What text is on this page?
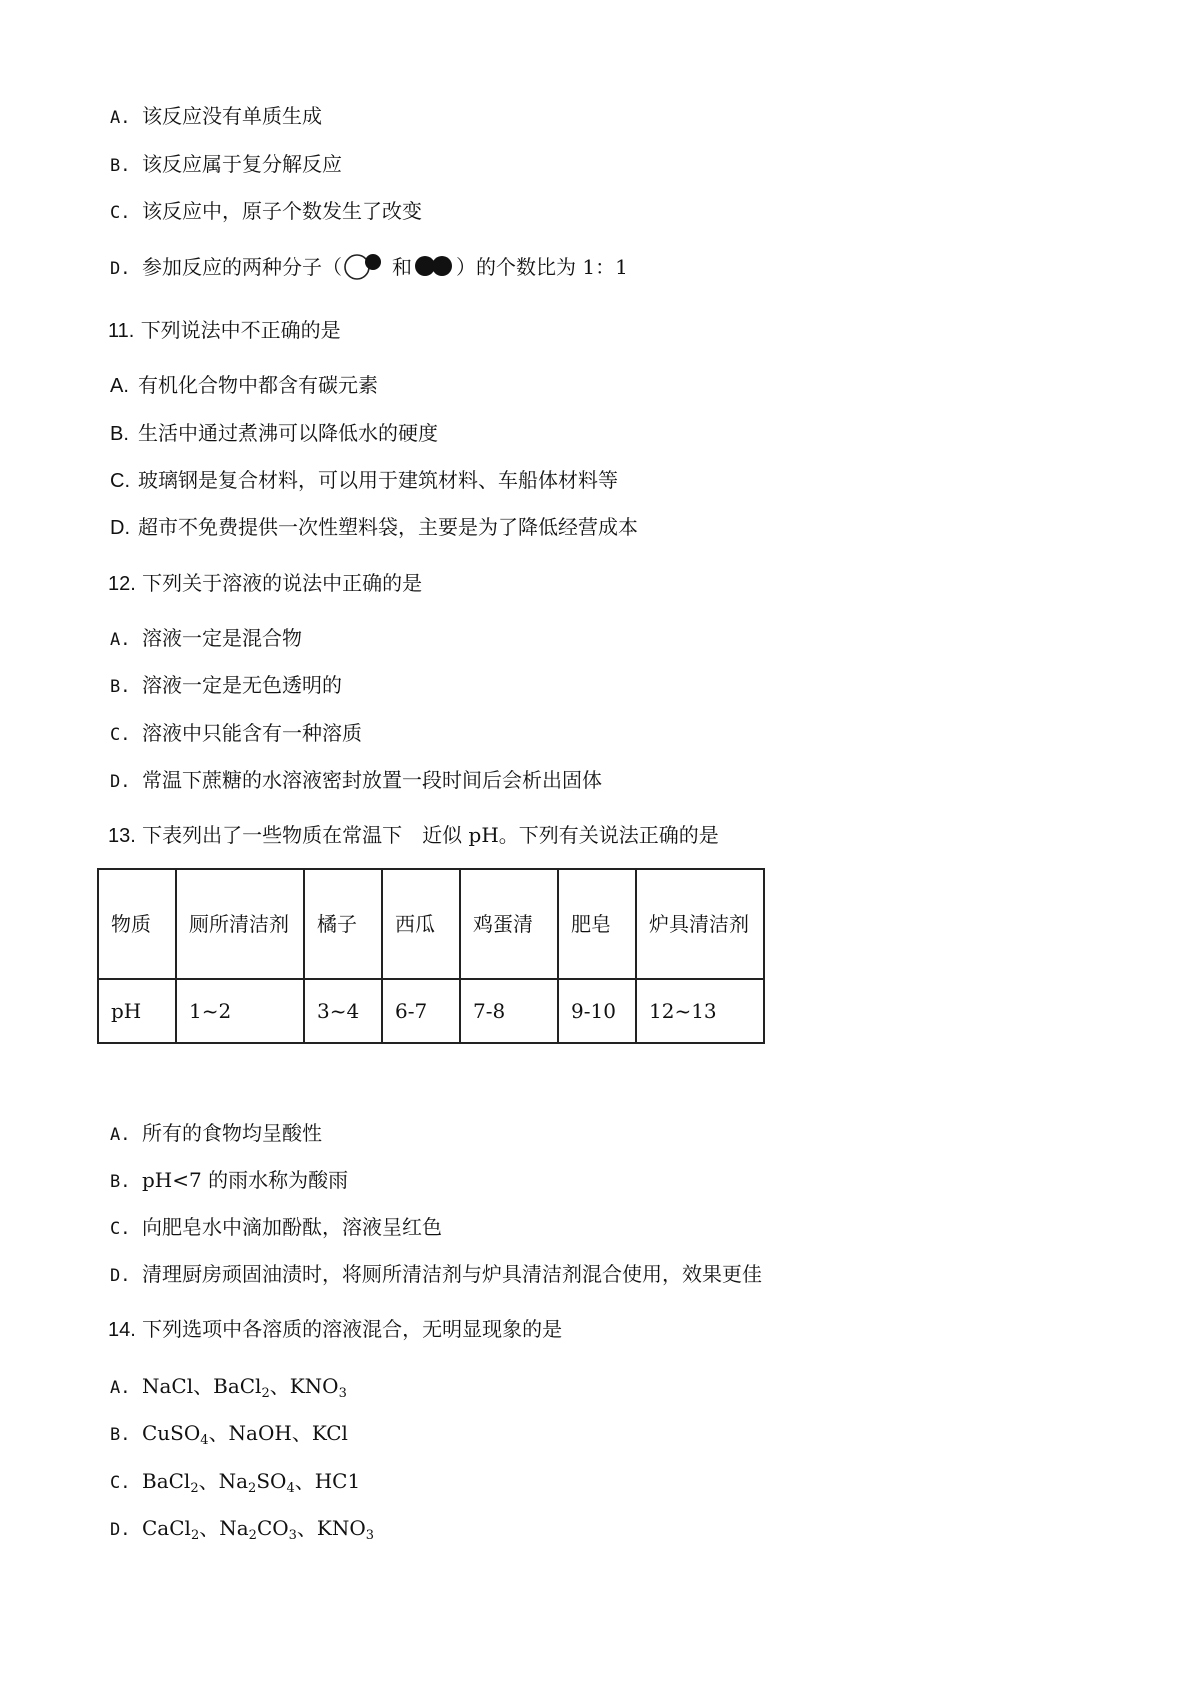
A. 该反应没有单质生成
B. 该反应属于复分解反应
C. 该反应中，原子个数发生了改变
D. 参加反应的两种分子（	和 ）的个数比为 1：1
11. 下列说法中不正确的是
A. 有机化合物中都含有碳元素
B. 生活中通过煮沸可以降低水的硬度
C. 玻璃钢是复合材料，可以用于建筑材料、车船体材料等
D. 超市不免费提供一次性塑料袋，主要是为了降低经营成本
12. 下列关于溶液的说法中正确的是
A. 溶液一定是混合物
B. 溶液一定是无色透明的
C. 溶液中只能含有一种溶质
D. 常温下蔗糖的水溶液密封放置一段时间后会析出固体
13. 下表列出了一些物质在常温下　近似 pH。下列有关说法正确的是
物质	厕所清洁剂	橘子	西瓜	鸡蛋清	肥皂	炉具清洁剂
pH	1~2	3~4	6-7	7-8	9-10	12~13
A. 所有的食物均呈酸性
B. pH<7 的雨水称为酸雨
C. 向肥皂水中滴加酚酞，溶液呈红色
D. 清理厨房顽固油渍时，将厕所清洁剂与炉具清洁剂混合使用，效果更佳
14. 下列选项中各溶质的溶液混合，无明显现象的是
A. NaCl、BaCl$_2$、$KNO_3$
B. CuSO$_4$、NaOH、KCl
C. BaCl$_2$、$Na_2SO_4$、HC1
D. CaCl$_2$、$Na_2CO_3$、$KNO_3$
